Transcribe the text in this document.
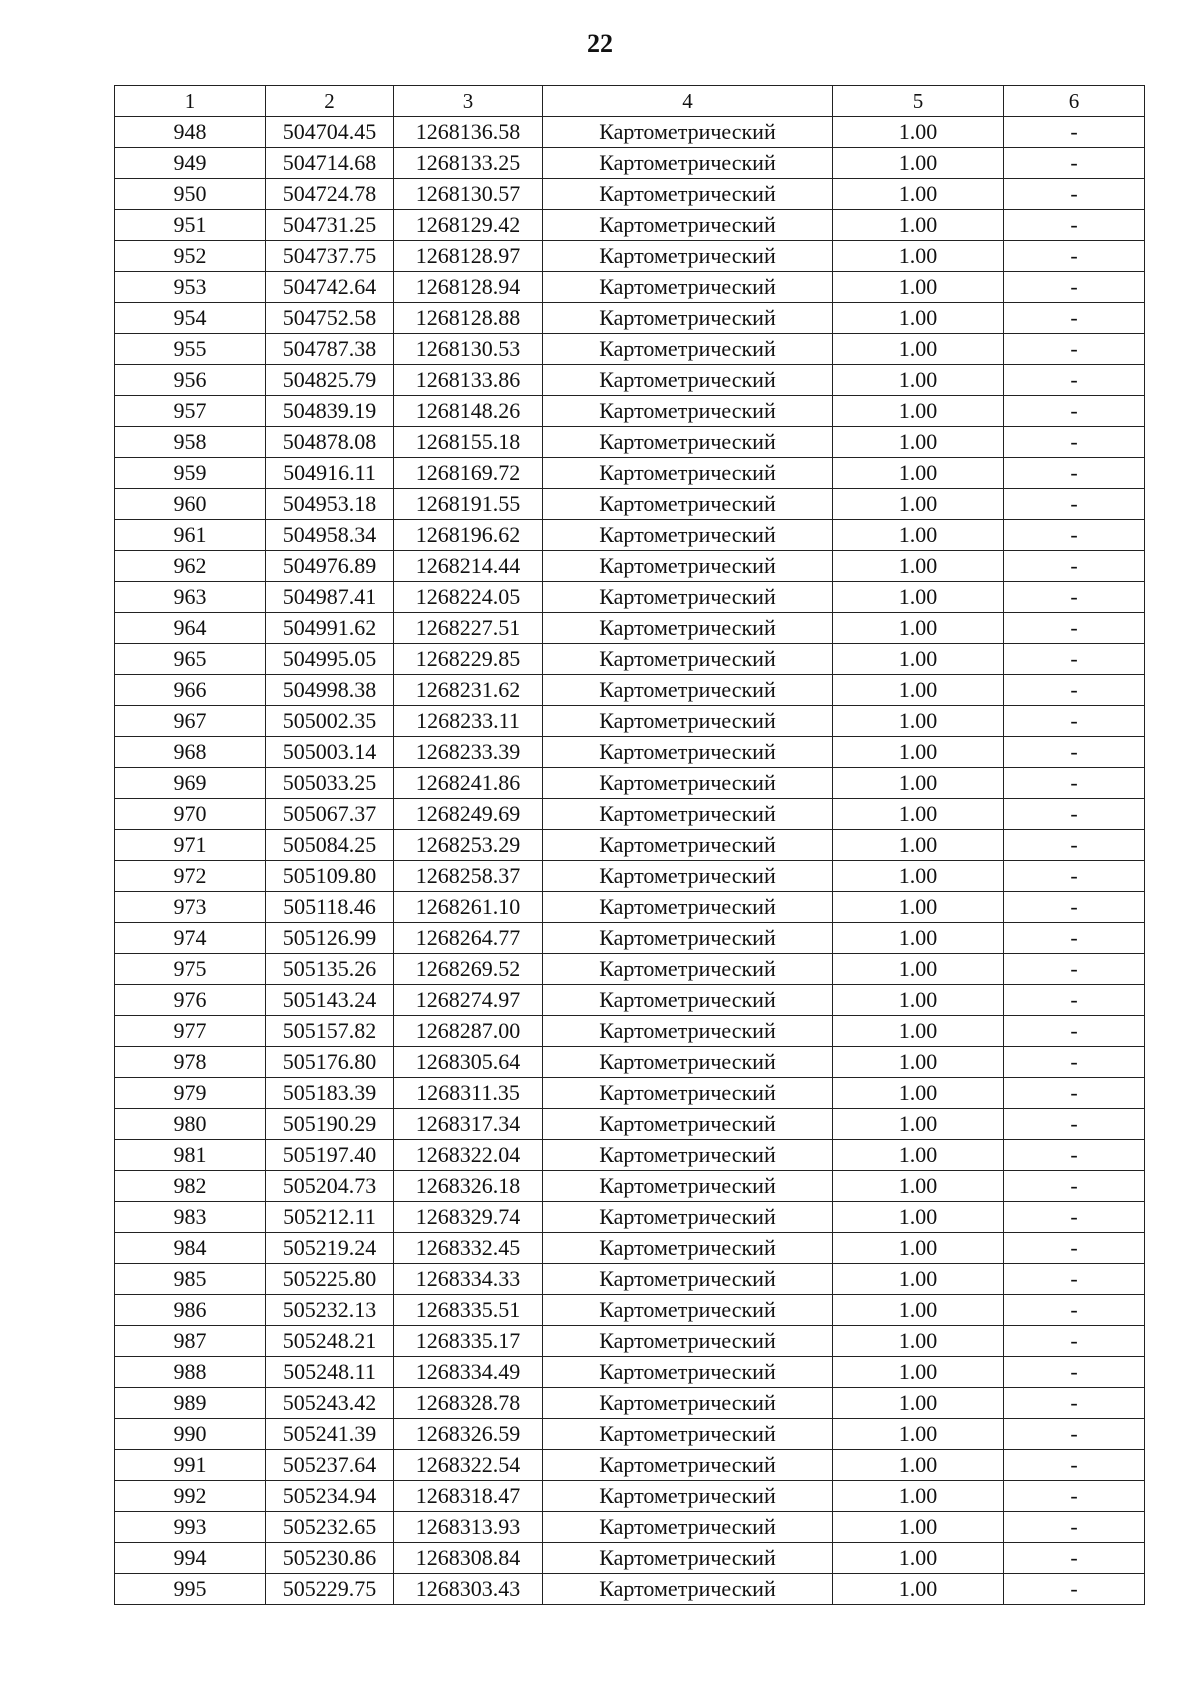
22
1	2	3	4	5	6
948	504704.45	1268136.58	Картометрический	1.00	-
949	504714.68	1268133.25	Картометрический	1.00	-
950	504724.78	1268130.57	Картометрический	1.00	-
951	504731.25	1268129.42	Картометрический	1.00	-
952	504737.75	1268128.97	Картометрический	1.00	-
953	504742.64	1268128.94	Картометрический	1.00	-
954	504752.58	1268128.88	Картометрический	1.00	-
955	504787.38	1268130.53	Картометрический	1.00	-
956	504825.79	1268133.86	Картометрический	1.00	-
957	504839.19	1268148.26	Картометрический	1.00	-
958	504878.08	1268155.18	Картометрический	1.00	-
959	504916.11	1268169.72	Картометрический	1.00	-
960	504953.18	1268191.55	Картометрический	1.00	-
961	504958.34	1268196.62	Картометрический	1.00	-
962	504976.89	1268214.44	Картометрический	1.00	-
963	504987.41	1268224.05	Картометрический	1.00	-
964	504991.62	1268227.51	Картометрический	1.00	-
965	504995.05	1268229.85	Картометрический	1.00	-
966	504998.38	1268231.62	Картометрический	1.00	-
967	505002.35	1268233.11	Картометрический	1.00	-
968	505003.14	1268233.39	Картометрический	1.00	-
969	505033.25	1268241.86	Картометрический	1.00	-
970	505067.37	1268249.69	Картометрический	1.00	-
971	505084.25	1268253.29	Картометрический	1.00	-
972	505109.80	1268258.37	Картометрический	1.00	-
973	505118.46	1268261.10	Картометрический	1.00	-
974	505126.99	1268264.77	Картометрический	1.00	-
975	505135.26	1268269.52	Картометрический	1.00	-
976	505143.24	1268274.97	Картометрический	1.00	-
977	505157.82	1268287.00	Картометрический	1.00	-
978	505176.80	1268305.64	Картометрический	1.00	-
979	505183.39	1268311.35	Картометрический	1.00	-
980	505190.29	1268317.34	Картометрический	1.00	-
981	505197.40	1268322.04	Картометрический	1.00	-
982	505204.73	1268326.18	Картометрический	1.00	-
983	505212.11	1268329.74	Картометрический	1.00	-
984	505219.24	1268332.45	Картометрический	1.00	-
985	505225.80	1268334.33	Картометрический	1.00	-
986	505232.13	1268335.51	Картометрический	1.00	-
987	505248.21	1268335.17	Картометрический	1.00	-
988	505248.11	1268334.49	Картометрический	1.00	-
989	505243.42	1268328.78	Картометрический	1.00	-
990	505241.39	1268326.59	Картометрический	1.00	-
991	505237.64	1268322.54	Картометрический	1.00	-
992	505234.94	1268318.47	Картометрический	1.00	-
993	505232.65	1268313.93	Картометрический	1.00	-
994	505230.86	1268308.84	Картометрический	1.00	-
995	505229.75	1268303.43	Картометрический	1.00	-
